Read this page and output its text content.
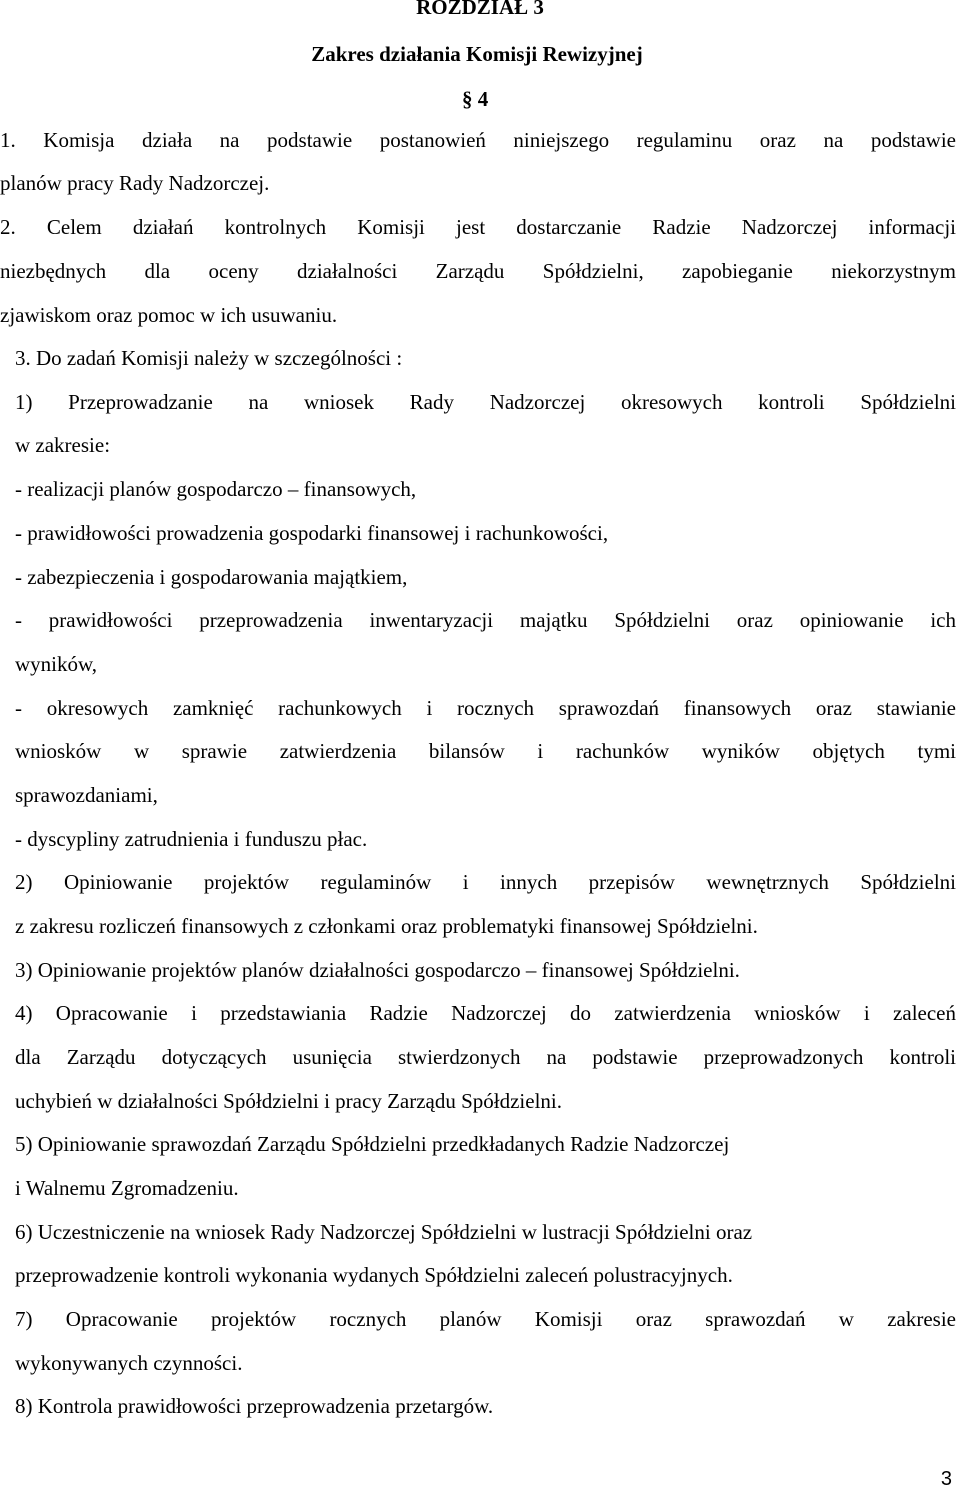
ROZDZIAŁ 3
Zakres działania Komisji Rewizyjnej
§ 4
1. Komisja działa na podstawie postanowień niniejszego regulaminu oraz na podstawie
planów pracy Rady Nadzorczej.
2. Celem działań kontrolnych Komisji jest dostarczanie Radzie Nadzorczej informacji
niezbędnych dla oceny działalności Zarządu Spółdzielni, zapobieganie niekorzystnym
zjawiskom oraz pomoc w ich usuwaniu.
3. Do zadań Komisji należy w szczególności :
1) Przeprowadzanie na wniosek Rady Nadzorczej okresowych kontroli Spółdzielni
w zakresie:
- realizacji planów gospodarczo – finansowych,
- prawidłowości prowadzenia gospodarki finansowej i rachunkowości,
- zabezpieczenia i gospodarowania majątkiem,
- prawidłowości przeprowadzenia inwentaryzacji majątku Spółdzielni oraz opiniowanie ich
wyników,
- okresowych zamknięć rachunkowych i rocznych sprawozdań finansowych oraz stawianie
wniosków w sprawie zatwierdzenia bilansów i rachunków wyników objętych tymi
sprawozdaniami,
- dyscypliny zatrudnienia i funduszu płac.
2) Opiniowanie projektów regulaminów i innych przepisów wewnętrznych Spółdzielni
z zakresu rozliczeń finansowych z członkami oraz problematyki finansowej Spółdzielni.
3) Opiniowanie projektów planów działalności gospodarczo – finansowej Spółdzielni.
4) Opracowanie i przedstawiania Radzie Nadzorczej do zatwierdzenia wniosków i zaleceń
dla Zarządu dotyczących usunięcia stwierdzonych na podstawie przeprowadzonych kontroli
uchybień w działalności Spółdzielni i pracy Zarządu Spółdzielni.
5) Opiniowanie sprawozdań Zarządu Spółdzielni przedkładanych Radzie Nadzorczej
i Walnemu Zgromadzeniu.
6) Uczestniczenie na wniosek Rady Nadzorczej Spółdzielni w lustracji Spółdzielni oraz
przeprowadzenie kontroli wykonania wydanych Spółdzielni zaleceń polustracyjnych.
7) Opracowanie projektów rocznych planów Komisji oraz sprawozdań w zakresie
wykonywanych czynności.
8) Kontrola prawidłowości przeprowadzenia przetargów.
3
